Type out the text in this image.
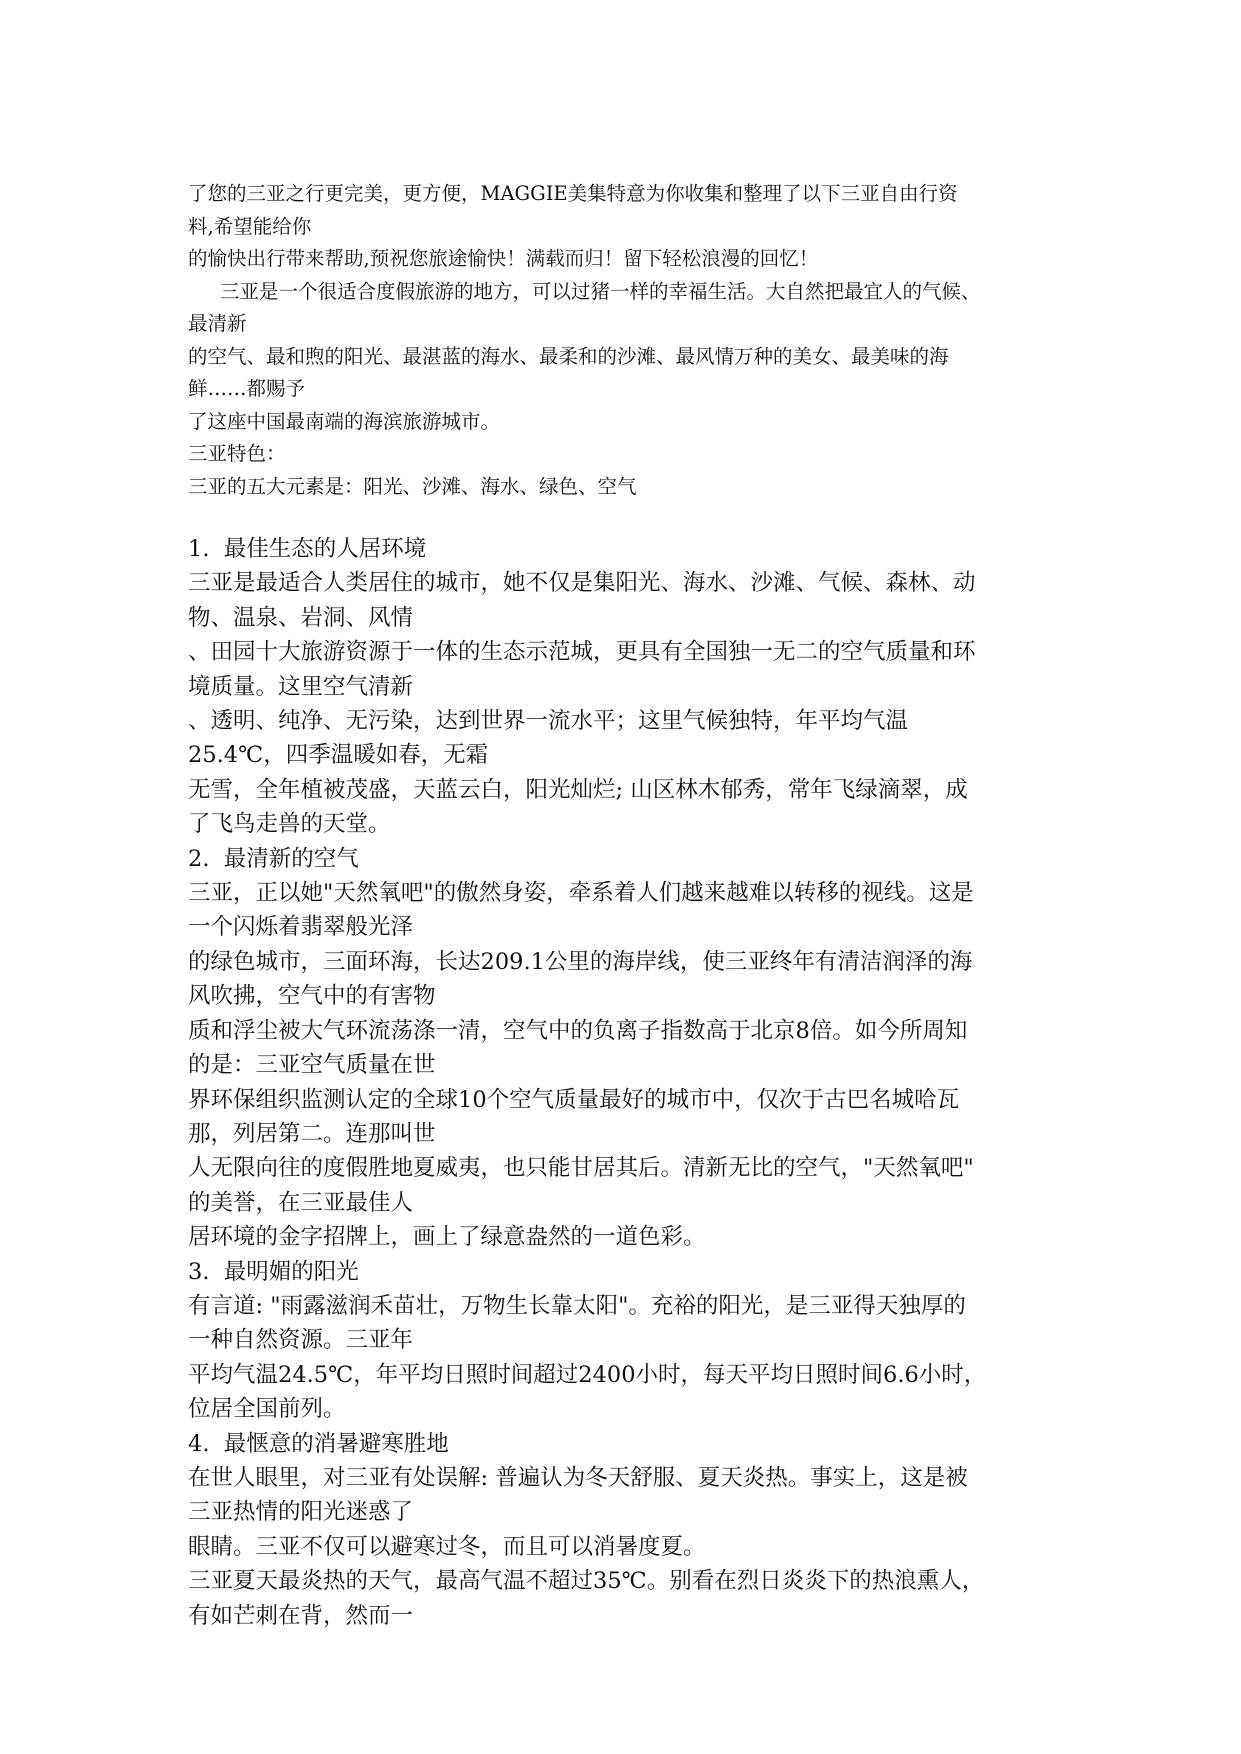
了您的三亚之行更完美，更方便，MAGGIE美集特意为你收集和整理了以下三亚自由行资

料,希望能给你

的愉快出行带来帮助,预祝您旅途愉快！满载而归！留下轻松浪漫的回忆！

三亚是一个很适合度假旅游的地方，可以过猪一样的幸福生活。大自然把最宜人的气候、

最清新

的空气、最和煦的阳光、最湛蓝的海水、最柔和的沙滩、最风情万种的美女、最美味的海

鲜……都赐予

了这座中国最南端的海滨旅游城市。

三亚特色：

三亚的五大元素是：阳光、沙滩、海水、绿色、空气

1.  最佳生态的人居环境

三亚是最适合人类居住的城市，她不仅是集阳光、海水、沙滩、气候、森林、动

物、温泉、岩洞、风情

、田园十大旅游资源于一体的生态示范城，更具有全国独一无二的空气质量和环

境质量。这里空气清新

、透明、纯净、无污染，达到世界一流水平；这里气候独特，年平均气温

25.4℃，四季温暖如春，无霜

无雪，全年植被茂盛，天蓝云白，阳光灿烂; 山区林木郁秀，常年飞绿滴翠，成

了飞鸟走兽的天堂。

2.  最清新的空气

三亚，正以她"天然氧吧"的傲然身姿，牵系着人们越来越难以转移的视线。这是

一个闪烁着翡翠般光泽

的绿色城市，三面环海，长达209.1公里的海岸线，使三亚终年有清洁润泽的海

风吹拂，空气中的有害物

质和浮尘被大气环流荡涤一清，空气中的负离子指数高于北京8倍。如今所周知

的是：三亚空气质量在世

界环保组织监测认定的全球10个空气质量最好的城市中，仅次于古巴名城哈瓦

那，列居第二。连那叫世

人无限向往的度假胜地夏威夷，也只能甘居其后。清新无比的空气，"天然氧吧"

的美誉，在三亚最佳人

居环境的金字招牌上，画上了绿意盎然的一道色彩。

3.  最明媚的阳光

有言道: "雨露滋润禾苗壮，万物生长靠太阳"。充裕的阳光，是三亚得天独厚的

一种自然资源。三亚年

平均气温24.5℃，年平均日照时间超过2400小时，每天平均日照时间6.6小时，

位居全国前列。

4.  最惬意的消暑避寒胜地

在世人眼里，对三亚有处误解: 普遍认为冬天舒服、夏天炎热。事实上，这是被

三亚热情的阳光迷惑了

眼睛。三亚不仅可以避寒过冬，而且可以消暑度夏。

三亚夏天最炎热的天气，最高气温不超过35℃。别看在烈日炎炎下的热浪熏人，

有如芒刺在背，然而一
